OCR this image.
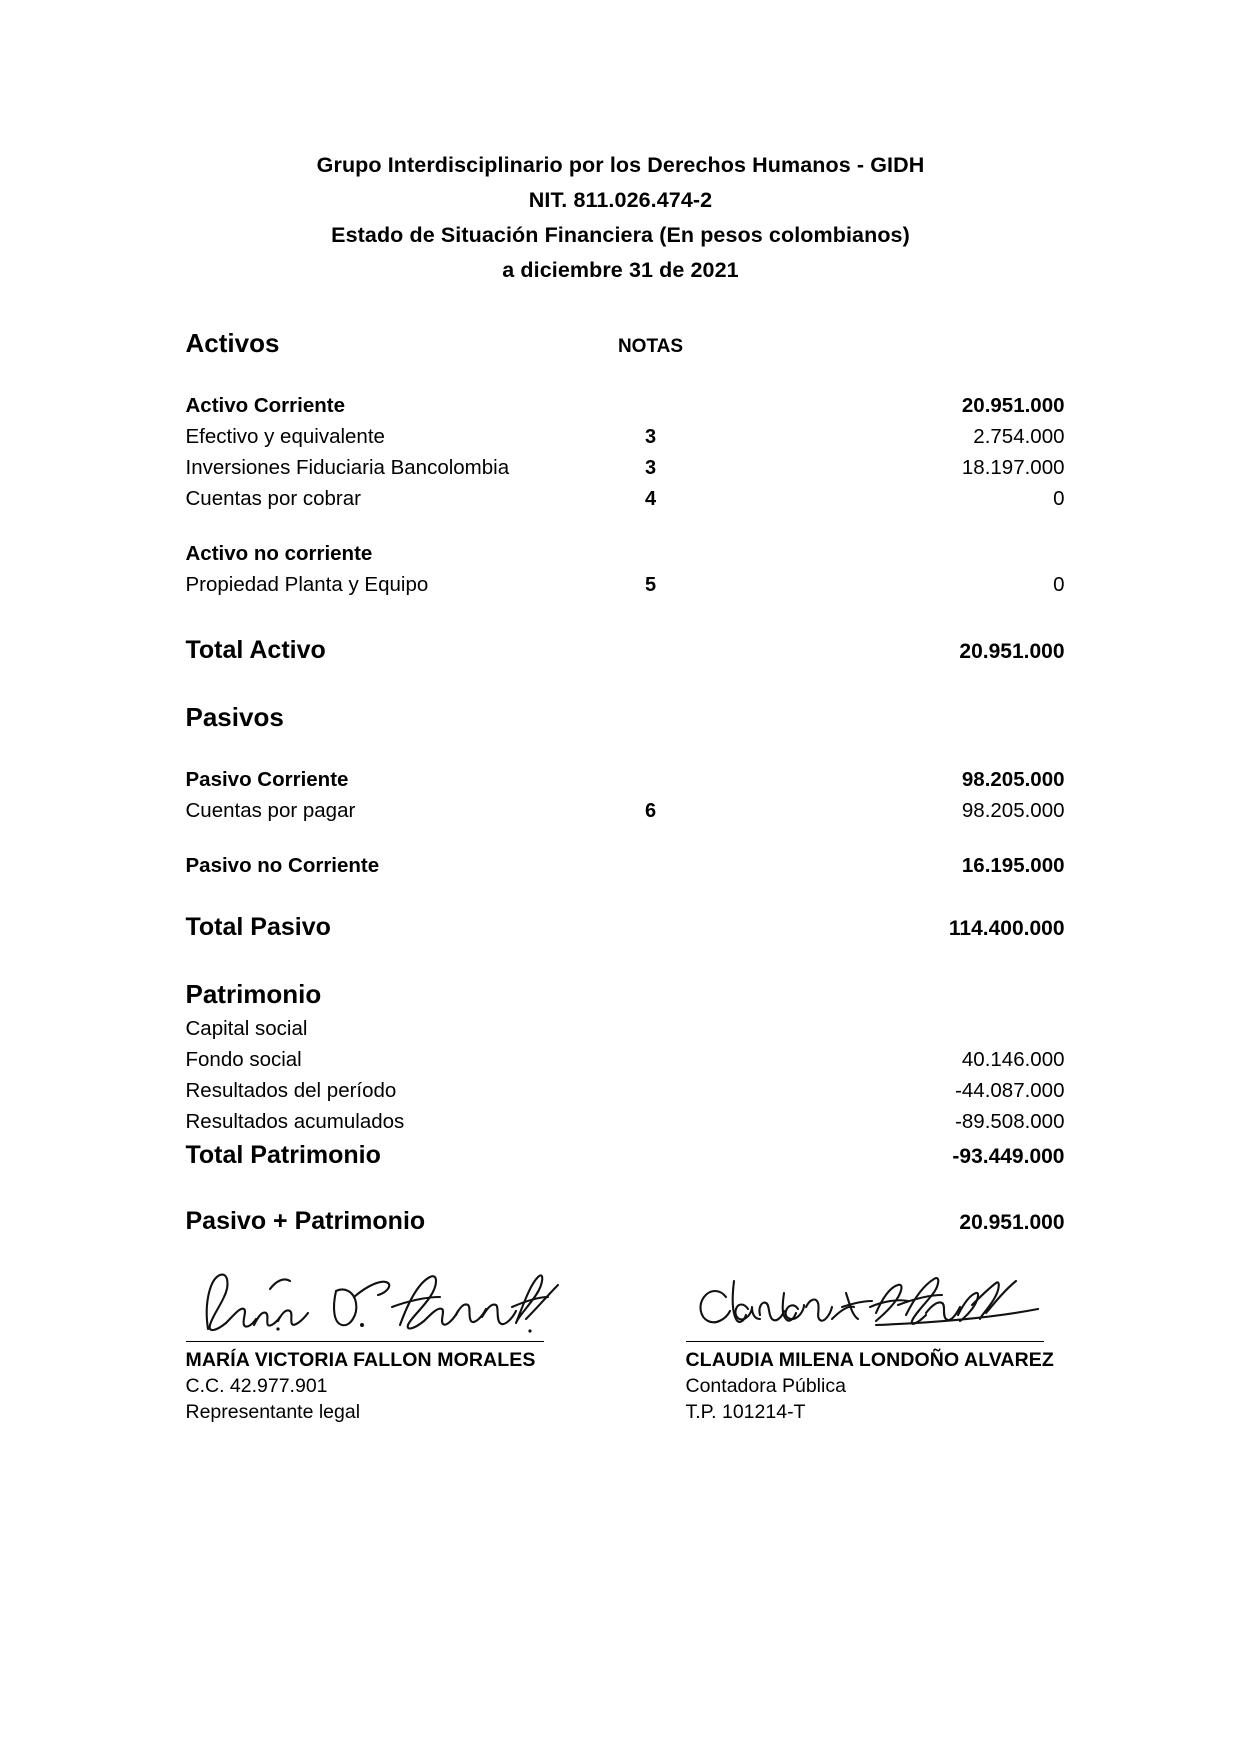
Grupo Interdisciplinario por los Derechos Humanos - GIDH
NIT. 811.026.474-2
Estado de Situación Financiera (En pesos colombianos)
a diciembre 31 de 2021
Activos	NOTAS
Activo Corriente	20.951.000
Efectivo y equivalente	3	2.754.000
Inversiones Fiduciaria Bancolombia	3	18.197.000
Cuentas por cobrar	4	0
Activo no corriente
Propiedad Planta y Equipo	5	0
Total Activo	20.951.000
Pasivos
Pasivo Corriente	98.205.000
Cuentas por pagar	6	98.205.000
Pasivo no Corriente	16.195.000
Total Pasivo	114.400.000
Patrimonio
Capital social
Fondo social	40.146.000
Resultados del período	-44.087.000
Resultados acumulados	-89.508.000
Total Patrimonio	-93.449.000
Pasivo + Patrimonio	20.951.000
MARÍA VICTORIA FALLON MORALES
C.C. 42.977.901
Representante legal
CLAUDIA MILENA LONDOÑO ALVAREZ
Contadora Pública
T.P. 101214-T
